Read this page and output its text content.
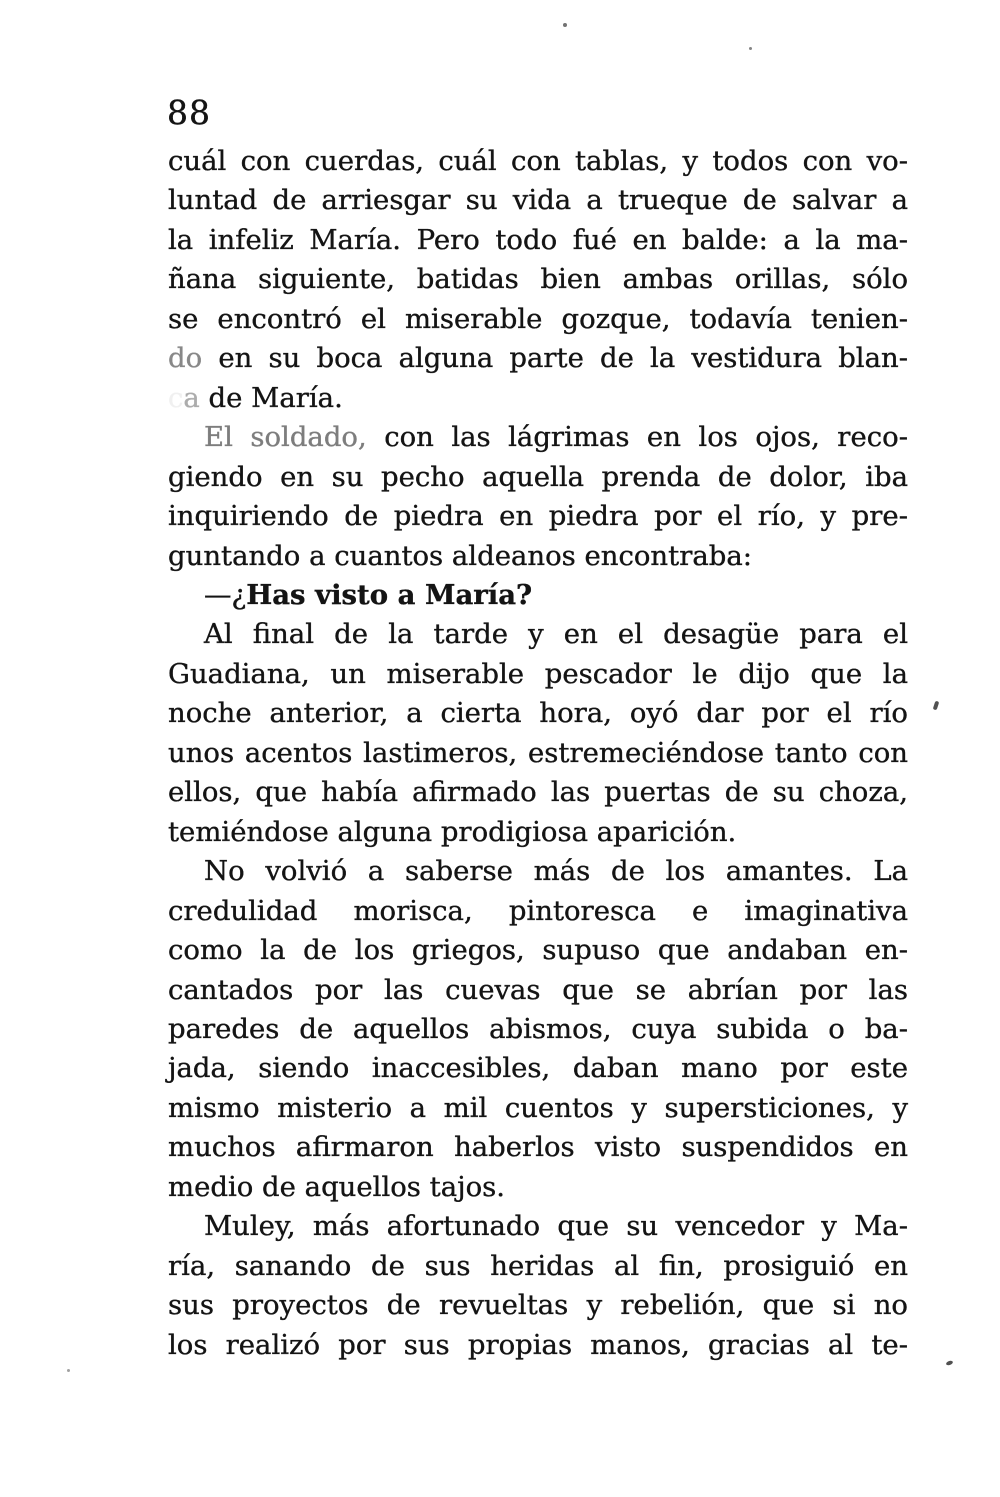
88
cuál con cuerdas, cuál con tablas, y todos con vo-
luntad de arriesgar su vida a trueque de salvar a
la infeliz María. Pero todo fué en balde: a la ma-
ñana siguiente, batidas bien ambas orillas, sólo
se encontró el miserable gozque, todavía tenien-
do en su boca alguna parte de la vestidura blan-
ca de María.
El soldado, con las lágrimas en los ojos, reco-
giendo en su pecho aquella prenda de dolor, iba
inquiriendo de piedra en piedra por el río, y pre-
guntando a cuantos aldeanos encontraba:
—¿Has visto a María?
Al final de la tarde y en el desagüe para el
Guadiana, un miserable pescador le dijo que la
noche anterior, a cierta hora, oyó dar por el río
unos acentos lastimeros, estremeciéndose tanto con
ellos, que había afirmado las puertas de su choza,
temiéndose alguna prodigiosa aparición.
No volvió a saberse más de los amantes. La
credulidad morisca, pintoresca e imaginativa
como la de los griegos, supuso que andaban en-
cantados por las cuevas que se abrían por las
paredes de aquellos abismos, cuya subida o ba-
jada, siendo inaccesibles, daban mano por este
mismo misterio a mil cuentos y supersticiones, y
muchos afirmaron haberlos visto suspendidos en
medio de aquellos tajos.
Muley, más afortunado que su vencedor y Ma-
ría, sanando de sus heridas al fin, prosiguió en
sus proyectos de revueltas y rebelión, que si no
los realizó por sus propias manos, gracias al te-
